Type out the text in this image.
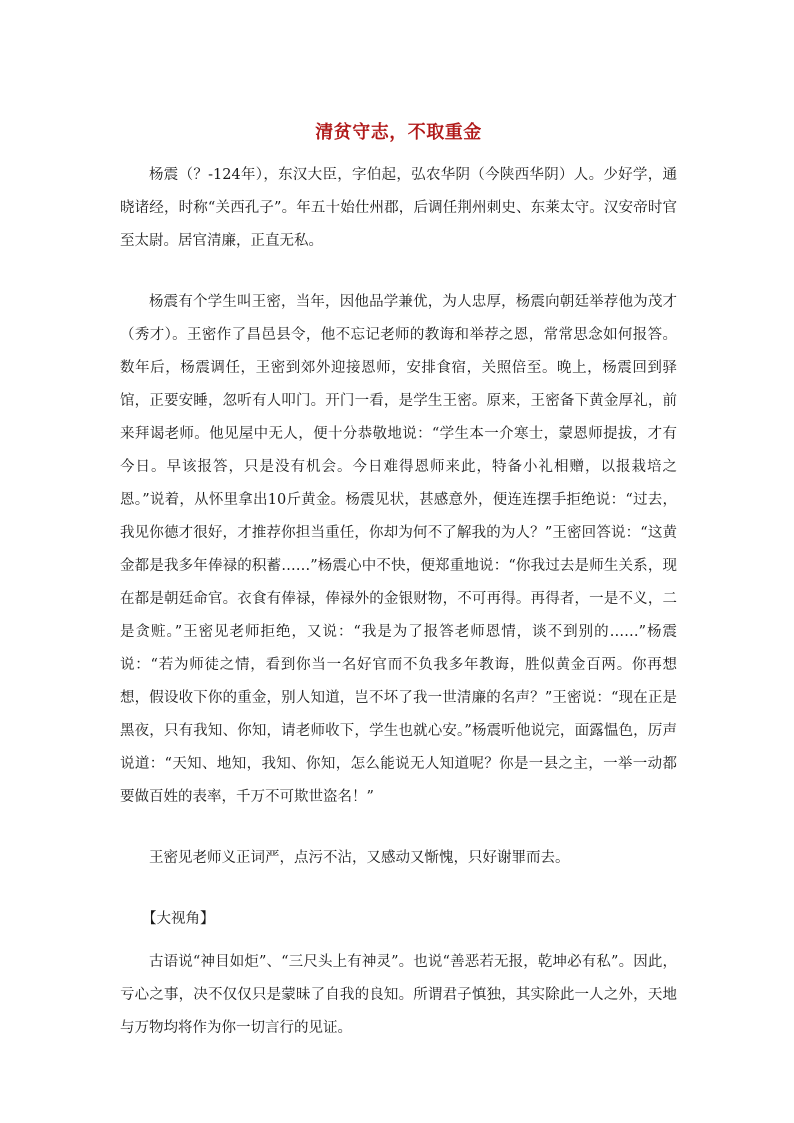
清贫守志，不取重金

杨震（？-124年），东汉大臣，字伯起，弘农华阴（今陕西华阴）人。少好学，通晓诸经，时称“关西孔子”。年五十始仕州郡，后调任荆州刺史、东莱太守。汉安帝时官至太尉。居官清廉，正直无私。

杨震有个学生叫王密，当年，因他品学兼优，为人忠厚，杨震向朝廷举荐他为茂才（秀才）。王密作了昌邑县令，他不忘记老师的教诲和举荐之恩，常常思念如何报答。数年后，杨震调任，王密到郊外迎接恩师，安排食宿，关照倍至。晚上，杨震回到驿馆，正要安睡，忽听有人叩门。开门一看，是学生王密。原来，王密备下黄金厚礼，前来拜谒老师。他见屋中无人，便十分恭敬地说：“学生本一介寒士，蒙恩师提拔，才有今日。早该报答，只是没有机会。今日难得恩师来此，特备小礼相赠，以报栽培之恩。”说着，从怀里拿出10斤黄金。杨震见状，甚感意外，便连连摆手拒绝说：“过去，我见你德才很好，才推荐你担当重任，你却为何不了解我的为人？”王密回答说：“这黄金都是我多年俸禄的积蓄……”杨震心中不快，便郑重地说：“你我过去是师生关系，现在都是朝廷命官。衣食有俸禄，俸禄外的金银财物，不可再得。再得者，一是不义，二是贪赃。”王密见老师拒绝，又说：“我是为了报答老师恩情，谈不到别的……”杨震说：“若为师徒之情，看到你当一名好官而不负我多年教诲，胜似黄金百两。你再想想，假设收下你的重金，别人知道，岂不坏了我一世清廉的名声？”王密说：“现在正是黑夜，只有我知、你知，请老师收下，学生也就心安。”杨震听他说完，面露愠色，厉声说道：“天知、地知，我知、你知，怎么能说无人知道呢？你是一县之主，一举一动都要做百姓的表率，千万不可欺世盗名！”

王密见老师义正词严，点污不沾，又感动又惭愧，只好谢罪而去。

【大视角】

古语说“神目如炬”、“三尺头上有神灵”。也说“善恶若无报，乾坤必有私”。因此，亏心之事，决不仅仅只是蒙昧了自我的良知。所谓君子慎独，其实除此一人之外，天地与万物均将作为你一切言行的见证。
